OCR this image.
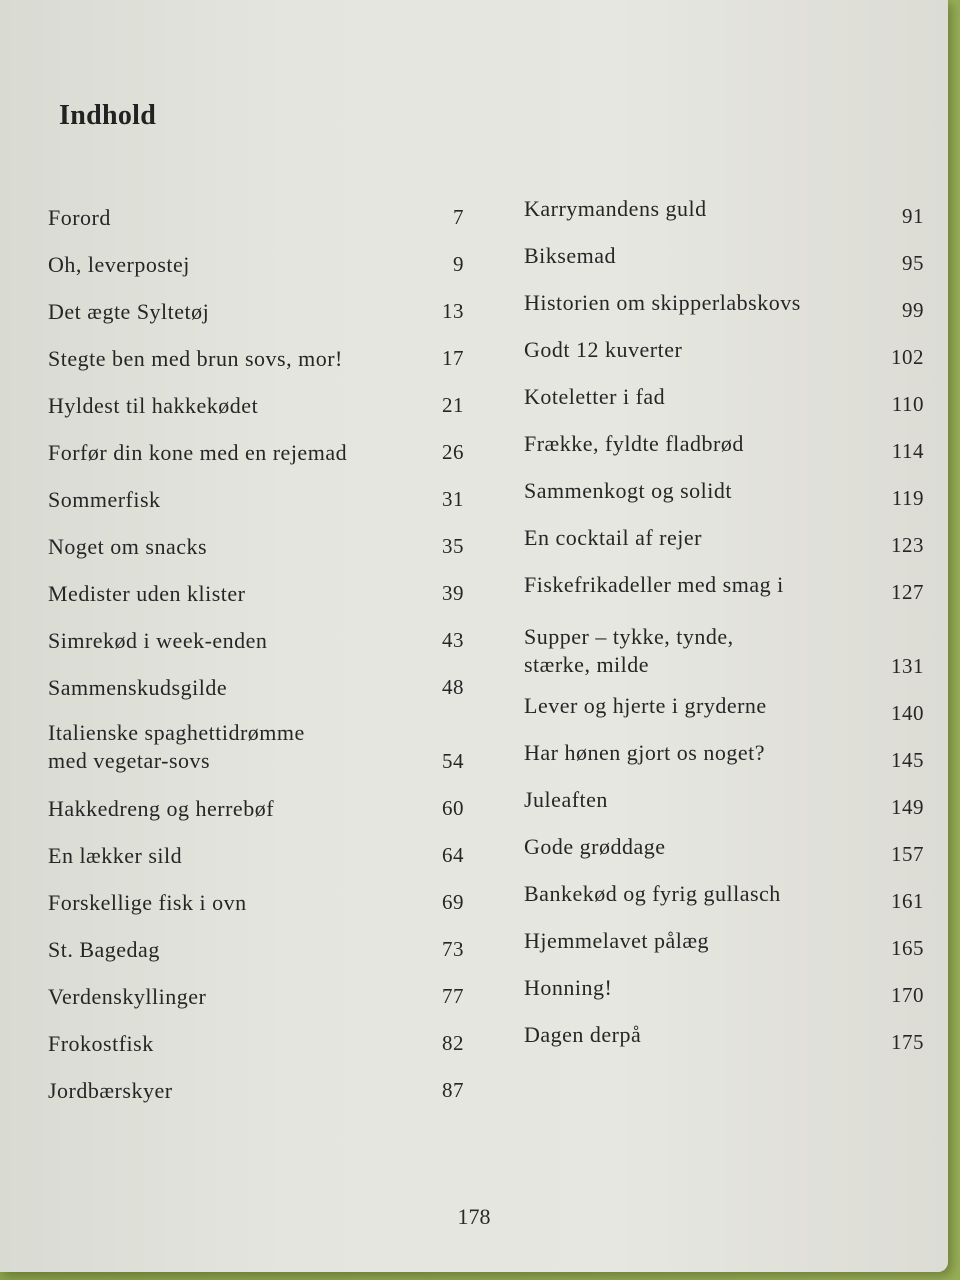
Indhold
Forord	7
Oh, leverpostej	9
Det ægte Syltetøj	13
Stegte ben med brun sovs, mor!	17
Hyldest til hakkekødet	21
Forfør din kone med en rejemad	26
Sommerfisk	31
Noget om snacks	35
Medister uden klister	39
Simrekød i week-enden	43
Sammenskudsgilde	48
Italienske spaghettidrømme
med vegetar-sovs	54
Hakkedreng og herrebøf	60
En lækker sild	64
Forskellige fisk i ovn	69
St. Bagedag	73
Verdenskyllinger	77
Frokostfisk	82
Jordbærskyer	87
Karrymandens guld	91
Biksemad	95
Historien om skipperlabskovs	99
Godt 12 kuverter	102
Koteletter i fad	110
Frække, fyldte fladbrød	114
Sammenkogt og solidt	119
En cocktail af rejer	123
Fiskefrikadeller med smag i	127
Supper – tykke, tynde,
stærke, milde	131
Lever og hjerte i gryderne	140
Har hønen gjort os noget?	145
Juleaften	149
Gode grøddage	157
Bankekød og fyrig gullasch	161
Hjemmelavet pålæg	165
Honning!	170
Dagen derpå	175
178
